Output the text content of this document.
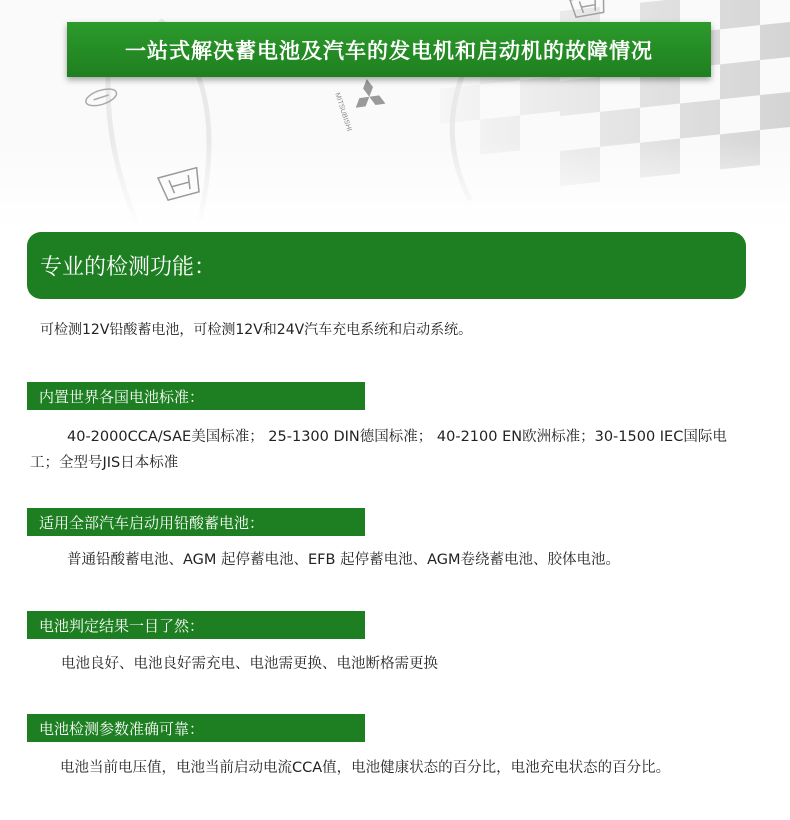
MITSUBISHI
一站式解决蓄电池及汽车的发电机和启动机的故障情况
专业的检测功能：
可检测12V铅酸蓄电池，可检测12V和24V汽车充电系统和启动系统。
内置世界各国电池标准：
40-2000CCA/SAE美国标准； 25-1300 DIN德国标准； 40-2100 EN欧洲标准；30-1500 IEC国际电工；全型号JIS日本标准
适用全部汽车启动用铅酸蓄电池：
普通铅酸蓄电池、AGM 起停蓄电池、EFB 起停蓄电池、AGM卷绕蓄电池、胶体电池。
电池判定结果一目了然：
电池良好、电池良好需充电、电池需更换、电池断格需更换
电池检测参数准确可靠：
电池当前电压值，电池当前启动电流CCA值，电池健康状态的百分比，电池充电状态的百分比。
